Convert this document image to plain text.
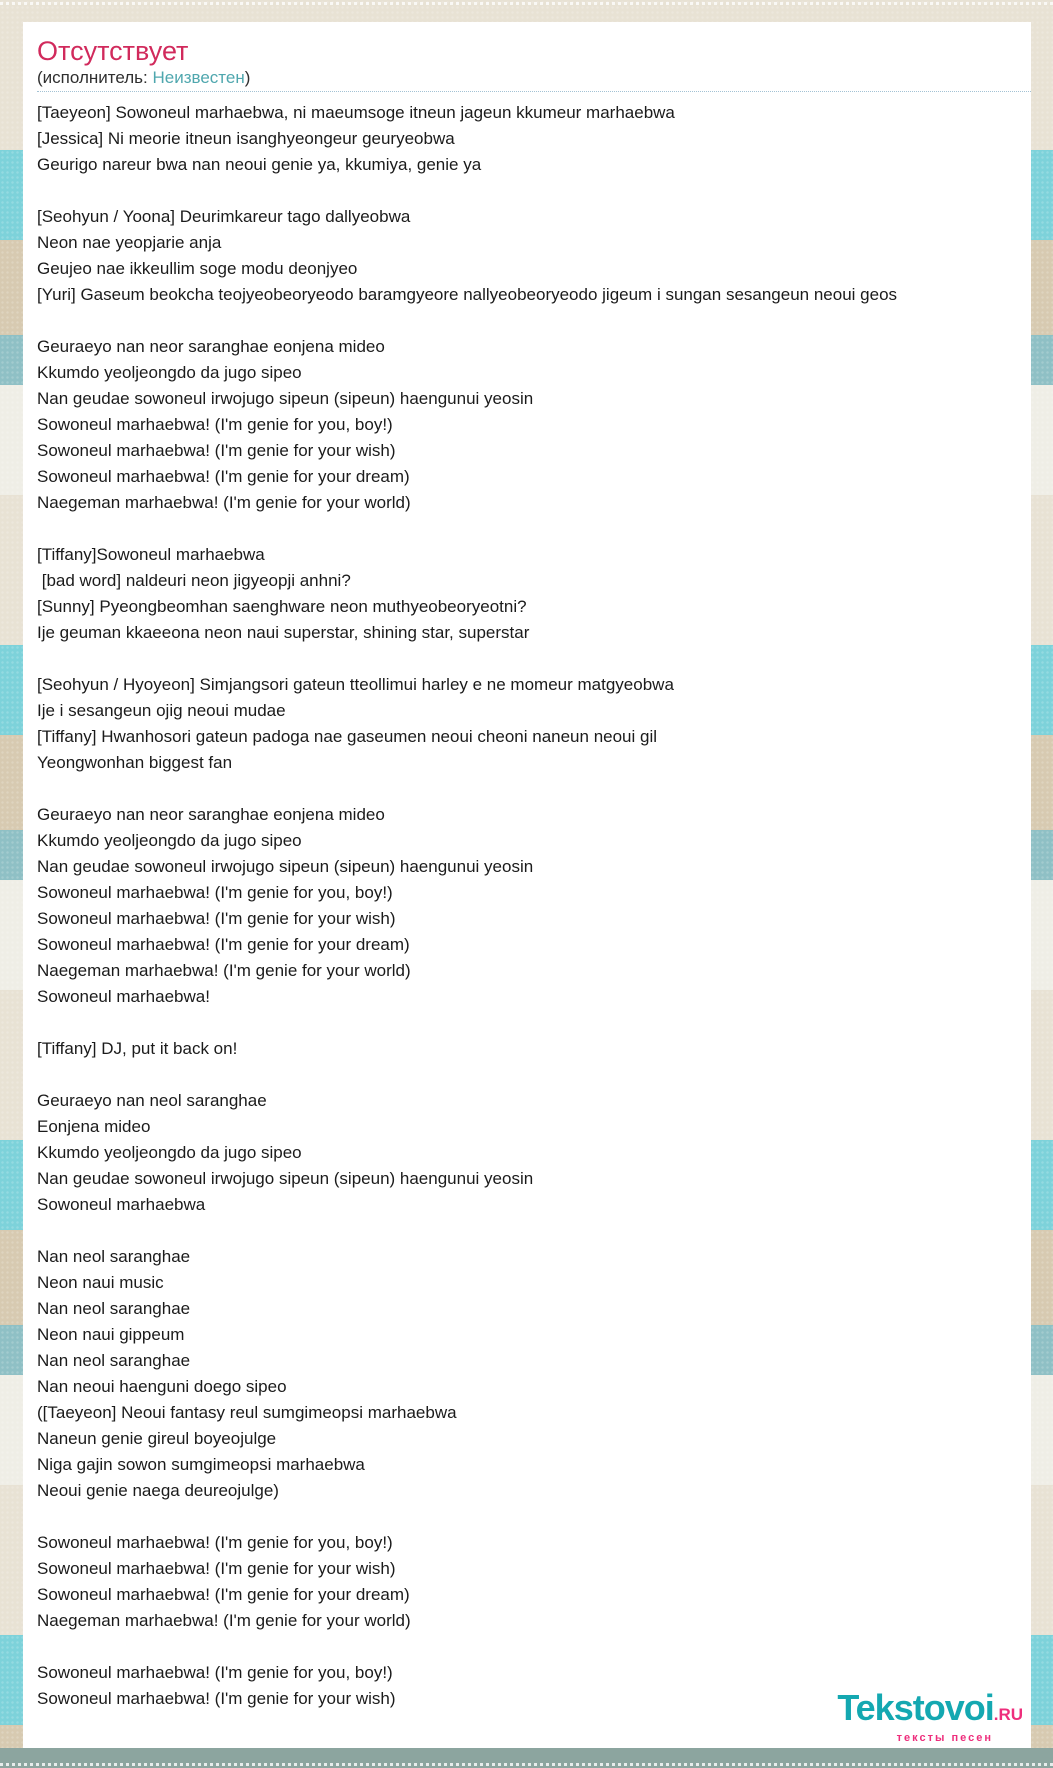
Отсутствует
(исполнитель: Неизвестен)
[Taeyeon] Sowoneul marhaebwa, ni maeumsoge itneun jageun kkumeur marhaebwa
[Jessica] Ni meorie itneun isanghyeongeur geuryeobwa
Geurigo nareur bwa nan neoui genie ya, kkumiya, genie ya
[Seohyun / Yoona] Deurimkareur tago dallyeobwa
Neon nae yeopjarie anja
Geujeo nae ikkeullim soge modu deonjyeo
[Yuri] Gaseum beokcha teojyeobeoryeodo baramgyeore nallyeobeoryeodo jigeum i sungan sesangeun neoui geos
Geuraeyo nan neor saranghae eonjena mideo
Kkumdo yeoljeongdo da jugo sipeo
Nan geudae sowoneul irwojugo sipeun (sipeun) haengunui yeosin
Sowoneul marhaebwa! (I'm genie for you, boy!)
Sowoneul marhaebwa! (I'm genie for your wish)
Sowoneul marhaebwa! (I'm genie for your dream)
Naegeman marhaebwa! (I'm genie for your world)
[Tiffany]Sowoneul marhaebwa
[bad word] naldeuri neon jigyeopji anhni?
[Sunny] Pyeongbeomhan saenghware neon muthyeobeoryeotni?
Ije geuman kkaeeona neon naui superstar, shining star, superstar
[Seohyun / Hyoyeon] Simjangsori gateun tteollimui harley e ne momeur matgyeobwa
Ije i sesangeun ojig neoui mudae
[Tiffany] Hwanhosori gateun padoga nae gaseumen neoui cheoni naneun neoui gil
Yeongwonhan biggest fan
Geuraeyo nan neor saranghae eonjena mideo
Kkumdo yeoljeongdo da jugo sipeo
Nan geudae sowoneul irwojugo sipeun (sipeun) haengunui yeosin
Sowoneul marhaebwa! (I'm genie for you, boy!)
Sowoneul marhaebwa! (I'm genie for your wish)
Sowoneul marhaebwa! (I'm genie for your dream)
Naegeman marhaebwa! (I'm genie for your world)
Sowoneul marhaebwa!
[Tiffany] DJ, put it back on!
Geuraeyo nan neol saranghae
Eonjena mideo
Kkumdo yeoljeongdo da jugo sipeo
Nan geudae sowoneul irwojugo sipeun (sipeun) haengunui yeosin
Sowoneul marhaebwa
Nan neol saranghae
Neon naui music
Nan neol saranghae
Neon naui gippeum
Nan neol saranghae
Nan neoui haenguni doego sipeo
([Taeyeon] Neoui fantasy reul sumgimeopsi marhaebwa
Naneun genie gireul boyeojulge
Niga gajin sowon sumgimeopsi marhaebwa
Neoui genie naega deureojulge)
Sowoneul marhaebwa! (I'm genie for you, boy!)
Sowoneul marhaebwa! (I'm genie for your wish)
Sowoneul marhaebwa! (I'm genie for your dream)
Naegeman marhaebwa! (I'm genie for your world)
Sowoneul marhaebwa! (I'm genie for you, boy!)
Sowoneul marhaebwa! (I'm genie for your wish)	Tekstovoi.RU
тексты песен
